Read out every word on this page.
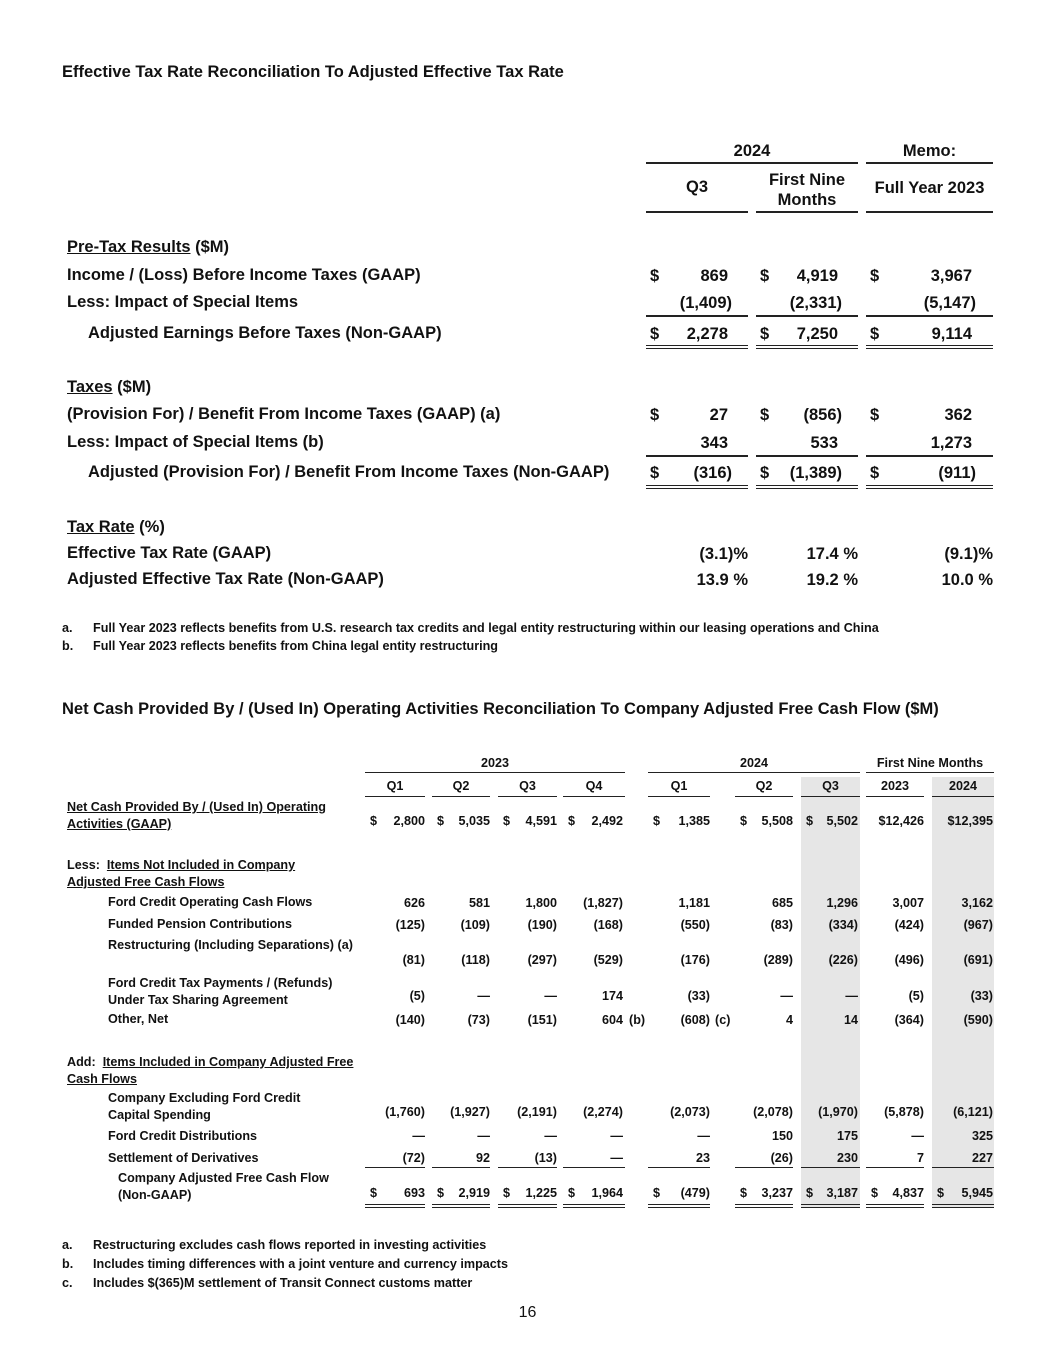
Effective Tax Rate Reconciliation To Adjusted Effective Tax Rate
2024	Memo:
Q3	First Nine Months
Full Year 2023
Pre-Tax Results ($M)
Income / (Loss) Before Income Taxes (GAAP)	$	869 $	4,919 $	3,967
Less: Impact of Special Items	(1,409)	(2,331)	(5,147)
Adjusted Earnings Before Taxes (Non-GAAP)	$	2,278 $	7,250 $	9,114
Taxes ($M)
(Provision For) / Benefit From Income Taxes (GAAP) (a)	$	27 $	(856) $	362
Less: Impact of Special Items (b)	343	533	1,273
Adjusted (Provision For) / Benefit From Income Taxes (Non-GAAP) $	(316) $	(1,389) $	(911)
Tax Rate (%)
Effective Tax Rate (GAAP)	(3.1)%	17.4 %	(9.1)%
Adjusted Effective Tax Rate (Non-GAAP)	13.9 %	19.2 %	10.0 %
a. Full Year 2023 reflects benefits from U.S. research tax credits and legal entity restructuring within our leasing operations and China
b. Full Year 2023 reflects benefits from China legal entity restructuring
Net Cash Provided By / (Used In) Operating Activities Reconciliation To Company Adjusted Free Cash Flow ($M)
2023	2024	First Nine Months
Q1	Q2	Q3	Q4	Q1	Q2	Q3	2023	2024
Net Cash Provided By / (Used In) Operating Activities (GAAP)	$	2,800 $	5,035 $	4,591 $	2,492 $	1,385 $	5,508 $	5,502	$12,426	$12,395
Less: Items Not Included in Company Adjusted Free Cash Flows
Ford Credit Operating Cash Flows	626	581	1,800	(1,827)	1,181	685	1,296	3,007	3,162
Funded Pension Contributions	(125)	(109)	(190)	(168)	(550)	(83)	(334)	(424)	(967)
Restructuring (Including Separations) (a)
(81)	(118)	(297)	(529)	(176)	(289)	(226)	(496)	(691)
Ford Credit Tax Payments / (Refunds) Under Tax Sharing Agreement	(5)	—	—	174	(33)	—	—	(5)	(33)
Other, Net	(140)	(73)	(151)	604	(608)	4	14	(364)	(590)
(b)	(c)
Add: Items Included in Company Adjusted Free Cash Flows
Company Excluding Ford Credit Capital Spending	(1,760)	(1,927)	(2,191)	(2,274)	(2,073)	(2,078)	(1,970)	(5,878)	(6,121)
Ford Credit Distributions	—	—	—	—	—	150	175	—	325
Settlement of Derivatives	(72)	92	(13)	—	23	(26)	230	7	227
Company Adjusted Free Cash Flow (Non-GAAP)	$	693 $	2,919 $	1,225 $	1,964 $	(479) $	3,237 $	3,187 $	4,837 $	5,945
a. Restructuring excludes cash flows reported in investing activities
b. Includes timing differences with a joint venture and currency impacts
c. Includes $(365)M settlement of Transit Connect customs matter
16
